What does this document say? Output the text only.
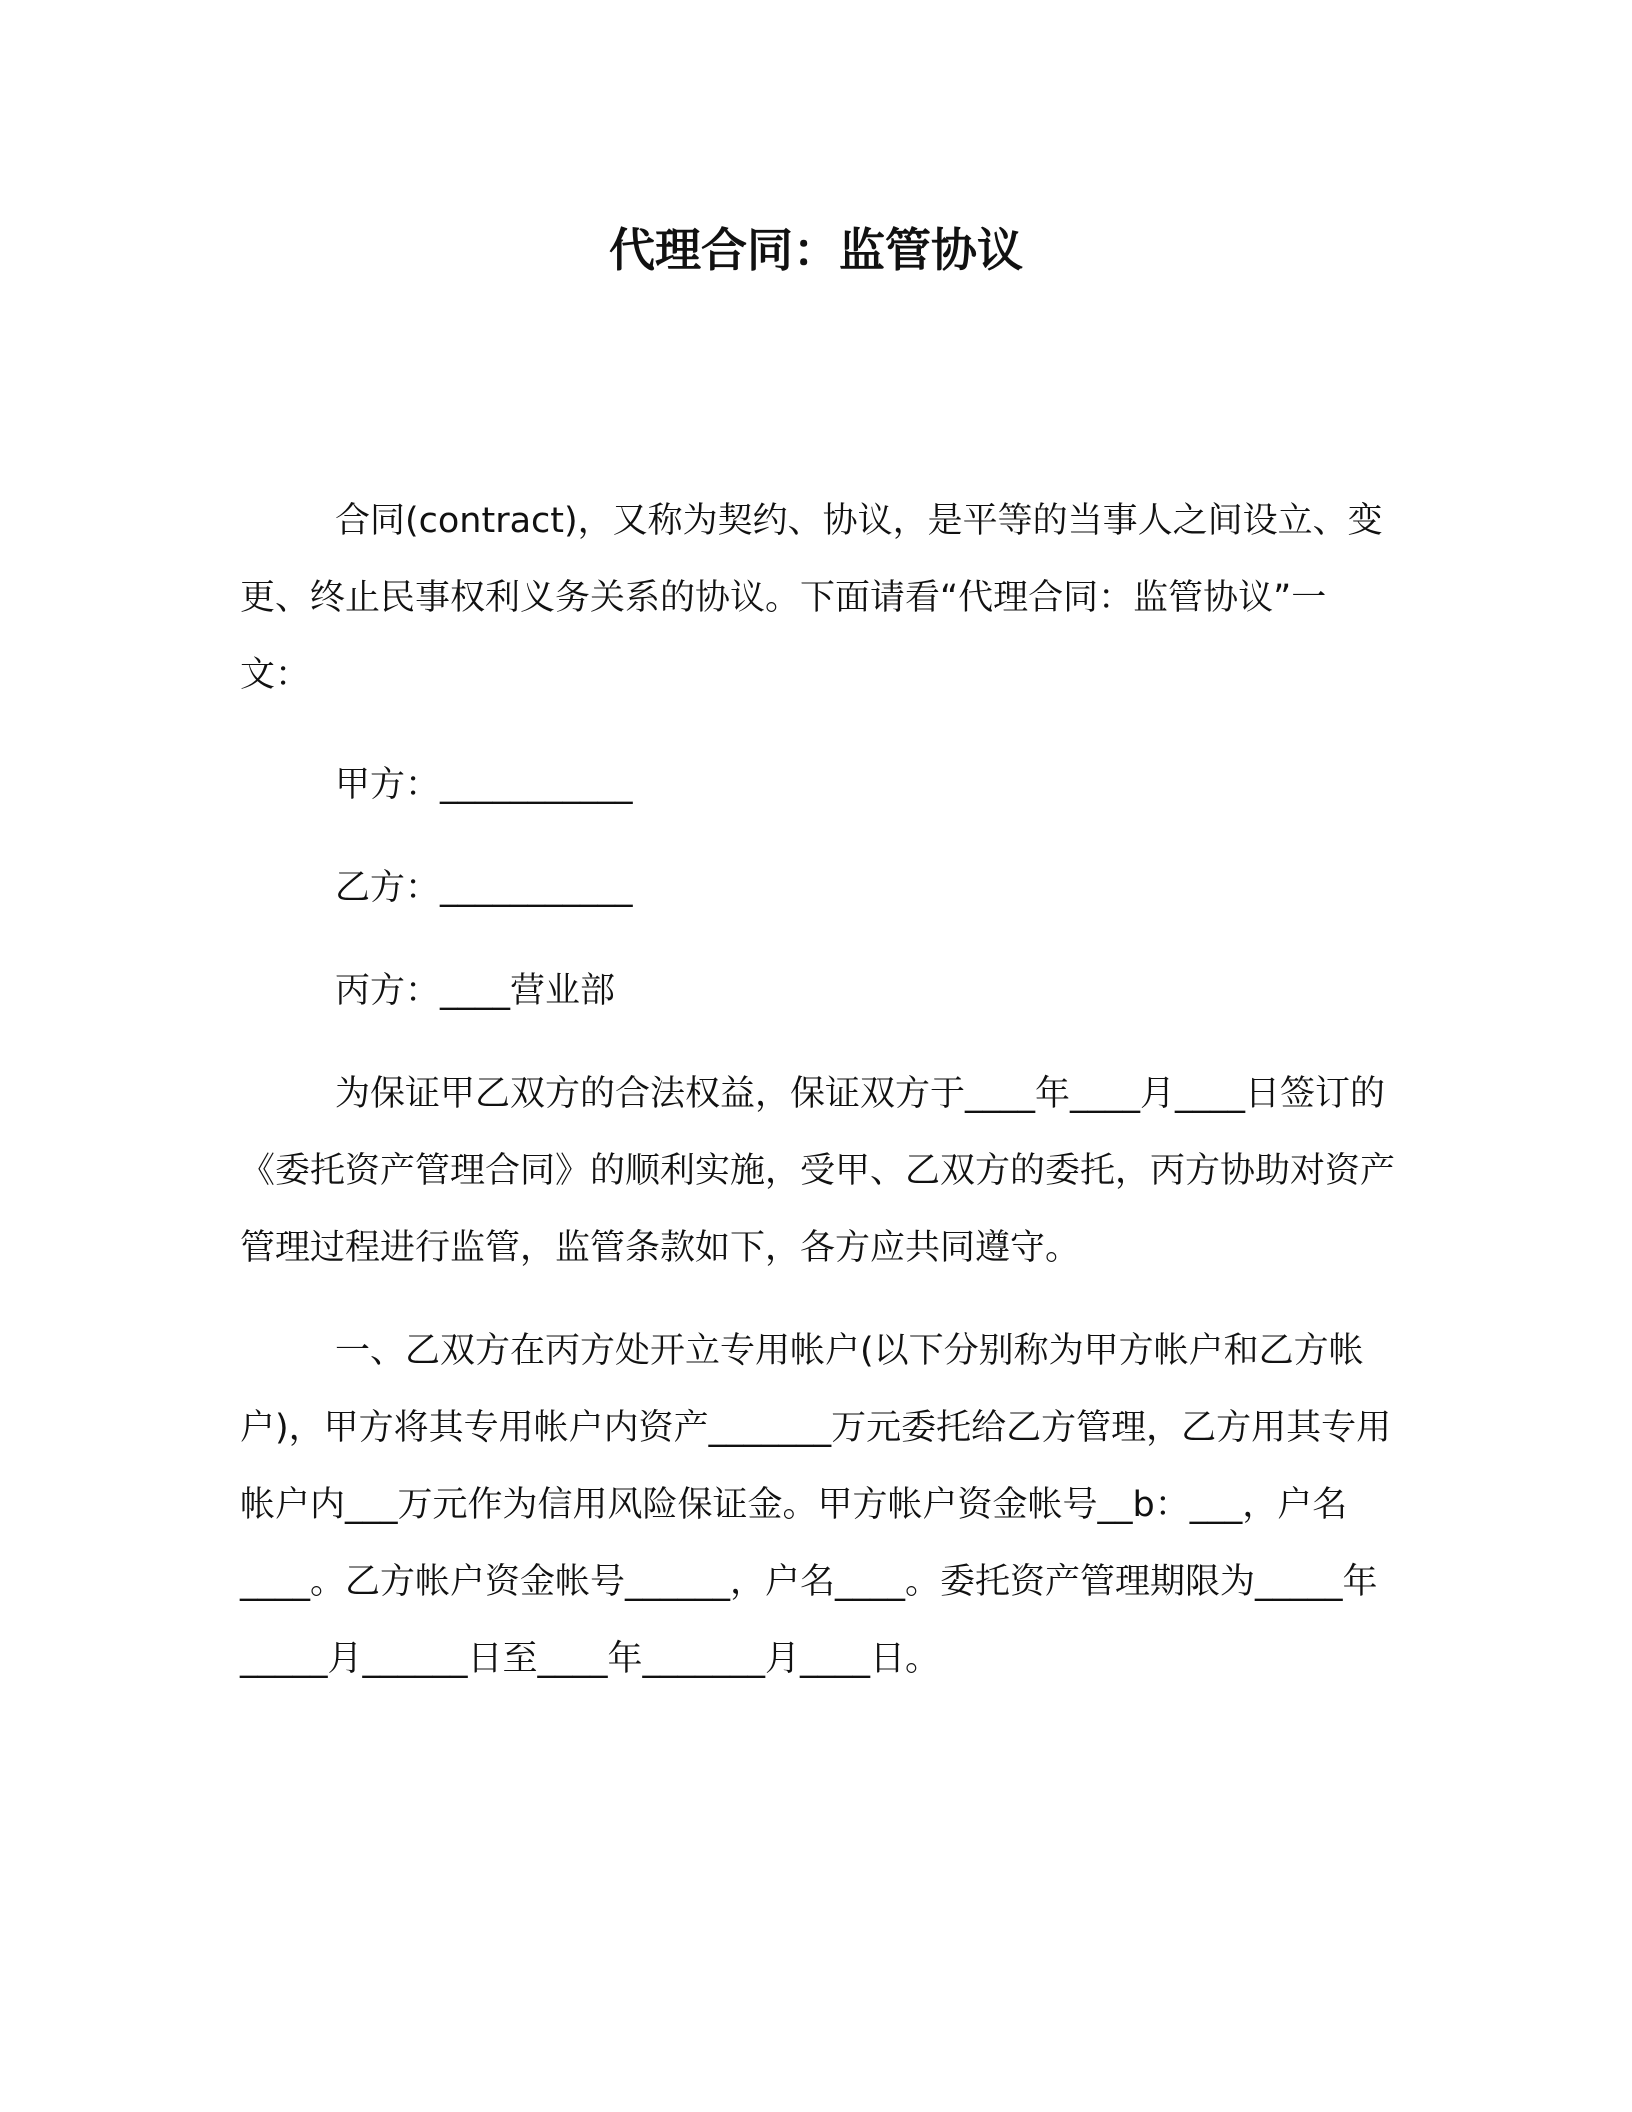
代理合同：监管协议

合同(contract)，又称为契约、协议，是平等的当事人之间设立、变更、终止民事权利义务关系的协议。下面请看“代理合同：监管协议”一文：

甲方：___________

乙方：___________

丙方：____营业部

为保证甲乙双方的合法权益，保证双方于____年____月____日签订的《委托资产管理合同》的顺利实施，受甲、乙双方的委托，丙方协助对资产管理过程进行监管，监管条款如下，各方应共同遵守。

一、乙双方在丙方处开立专用帐户(以下分别称为甲方帐户和乙方帐户)，甲方将其专用帐户内资产_______万元委托给乙方管理，乙方用其专用帐户内___万元作为信用风险保证金。甲方帐户资金帐号__b：___，户名____。乙方帐户资金帐号______，户名____。委托资产管理期限为_____年_____月______日至____年_______月____日。
